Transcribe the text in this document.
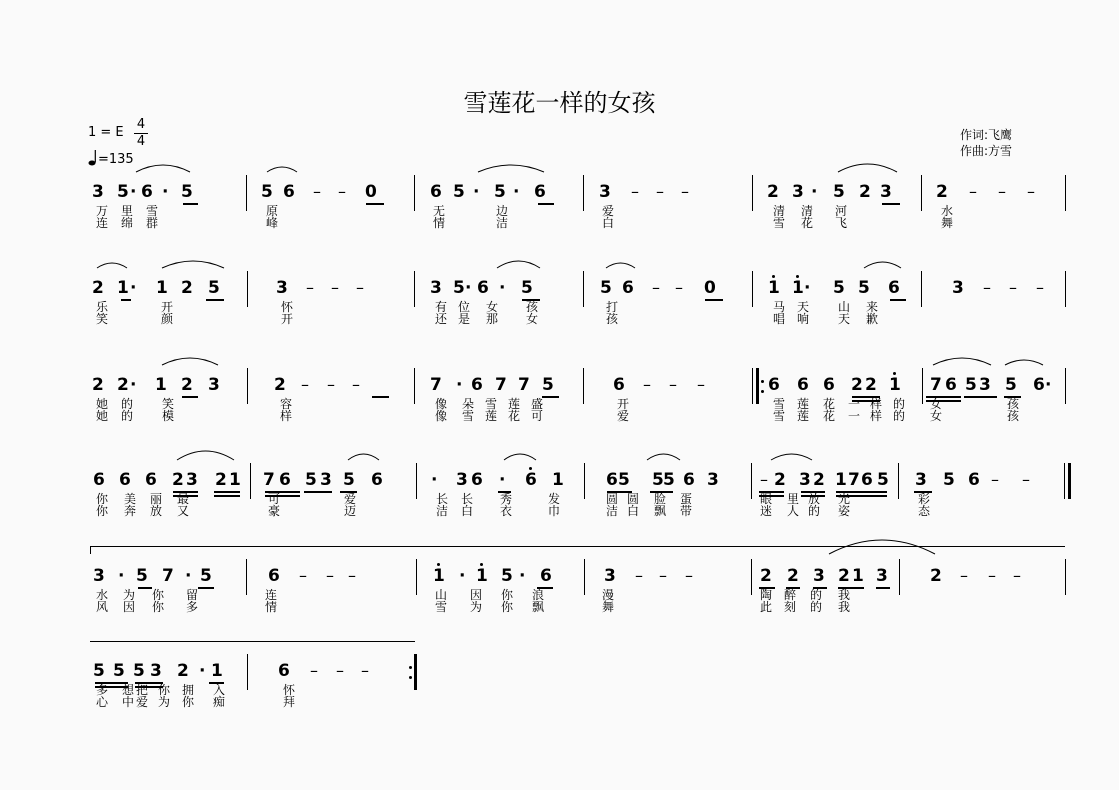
雪莲花一样的女孩
1 = E
4
4
=135
作词:飞鹰
作曲:方雪
3 5 · 6 · 5	5 6 – – 0	6 5 · 5 · 6	3 – – –	2 3 · 5 2 3	2 – – –
万 里 雪	原	无	边	爱	清 清 河	水
连 绵 群	峰	情	洁	白	雪 花 飞	舞
2 1 · 1 2 5	3 – – –	3 5 · 6 · 5	5 6 – – 0	1 1 · 5 5 6	3 – – –
乐	开	怀	有 位 女 孩	打	马 天 山 来
笑	颜	开	还 是 那 女	孩	唱 响 天 歉
2 2 · 1 2 3	2 – – –	7 · 6 7 7 5	6 – – –	6 6 6 2 2 1 7 6 5 3 5 6 ·
她 的 笑	容	像 朵 雪 莲 盛	开	雪 莲 花 一 样 的 女	孩
她 的 模	样	像 雪 莲 花 可	爱	雪 莲 花 一 样 的 女	孩
6 6 6 2 3 2 1 7 6 5 3 5 6	· 3 6 · 6 1 6 5 5 5 6 3	– 2 3 2 1 7 6 5 3 5 6 – –
你 美 丽 最	可	爱	长 长 秀	发	圆 圆 脸 蛋	眼 里 放 光	彩
你 奔 放 又	豪	迈	洁 白 衣	巾	洁 白 飘 带	迷 人 的 姿	态
3 · 5 7 · 5	6 – – –	1 · 1 5 · 6	3 – – –	2 2 3 2 1 3 2 – – –
水 为 你 留	连	山 因 你 浪	漫	陶 醉 的 我
风 因 你 多	情	雪 为 你 飘	舞	此 刻 的 我
5 5 5 3 2 · 1	6 – – –
多 想 把 你 拥 入	怀
心 中 爱 为 你 痴	拜
